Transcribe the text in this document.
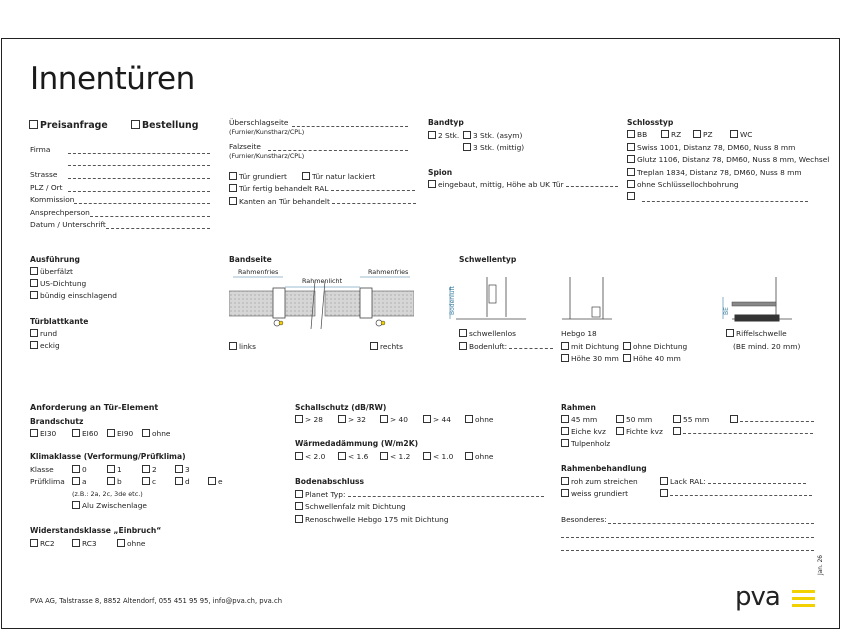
Innentüren
Preisanfrage	Bestellung
Firma
Strasse
PLZ / Ort
Kommission
Ansprechperson
Datum / Unterschrift
Überschlagseite
(Furnier/Kunstharz/CPL)
Falzseite
(Furnier/Kunstharz/CPL)
Tür grundiert	Tür natur lackiert
Tür fertig behandelt RAL
Kanten an Tür behandelt
Bandtyp
2 Stk.	3 Stk. (asym)
3 Stk. (mittig)
Spion
eingebaut, mittig, Höhe ab UK Tür
Schlosstyp
BB	RZ	PZ	WC
Swiss 1001, Distanz 78, DM60, Nuss 8 mm
Glutz 1106, Distanz 78, DM60, Nuss 8 mm, Wechsel
Treplan 1834, Distanz 78, DM60, Nuss 8 mm
ohne Schlüssellochbohrung
Ausführung
überfälzt
US-Dichtung
bündig einschlagend
Türblattkante
rund
eckig
Bandseite
Rahmenfries
Rahmenlicht
Rahmenfries
links	rechts
Schwellentyp
Bodenluft	BE
schwellenlos
Bodenluft:
Hebgo 18
mit Dichtung	ohne Dichtung
Höhe 30 mm	Höhe 40 mm
Riffelschwelle
(BE mind. 20 mm)
Anforderung an Tür-Element
Brandschutz
EI30	EI60	EI90	ohne
Klimaklasse (Verformung/Prüfklima)
Klasse	0	1	2	3
Prüfklima	a	b	c	d	e
(z.B.: 2a, 2c, 3de etc.)
Alu Zwischenlage
Widerstandsklasse „Einbruch“
RC2	RC3	ohne
Schallschutz (dB/RW)
> 28	> 32	> 40	> 44	ohne
Wärmedadämmung (W/m2K)
< 2.0	< 1.6	< 1.2	< 1.0	ohne
Bodenabschluss
Planet Typ:
Schwellenfalz mit Dichtung
Renoschwelle Hebgo 175 mit Dichtung
Rahmen
45 mm	50 mm	55 mm
Eiche kvz	Fichte kvz
Tulpenholz
Rahmenbehandlung
roh zum streichen	Lack RAL:
weiss grundiert
Besonderes:
PVA AG, Talstrasse 8, 8852 Altendorf, 055 451 95 95, info@pva.ch, pva.ch
Jan. 26
pva
